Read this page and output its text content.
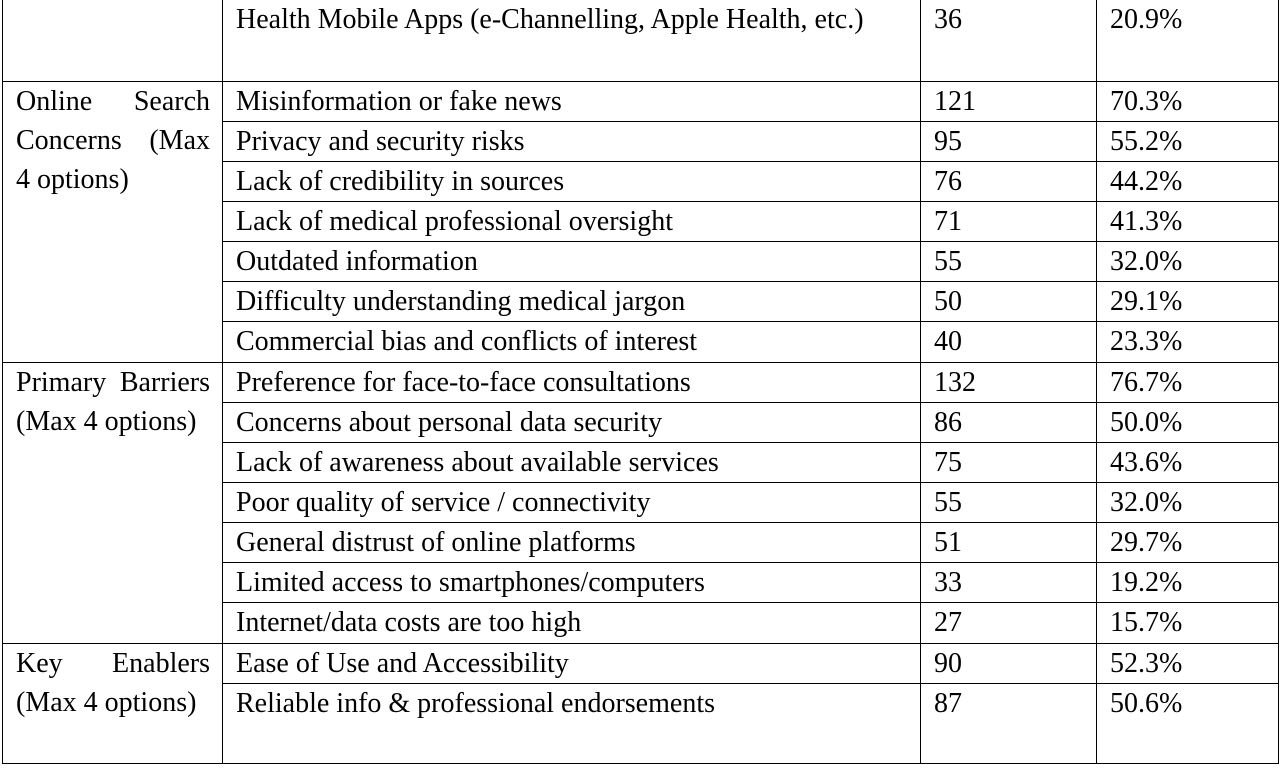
	Health Mobile Apps (e-Channelling, Apple Health, etc.)	36	20.9%

Online Search Concerns (Max 4 options)	Misinformation or fake news	121	70.3%
	Privacy and security risks	95	55.2%
	Lack of credibility in sources	76	44.2%
	Lack of medical professional oversight	71	41.3%
	Outdated information	55	32.0%
	Difficulty understanding medical jargon	50	29.1%
	Commercial bias and conflicts of interest	40	23.3%

Primary Barriers (Max 4 options)	Preference for face-to-face consultations	132	76.7%
	Concerns about personal data security	86	50.0%
	Lack of awareness about available services	75	43.6%
	Poor quality of service / connectivity	55	32.0%
	General distrust of online platforms	51	29.7%
	Limited access to smartphones/computers	33	19.2%
	Internet/data costs are too high	27	15.7%

Key Enablers (Max 4 options)	Ease of Use and Accessibility	90	52.3%
	Reliable info & professional endorsements	87	50.6%
